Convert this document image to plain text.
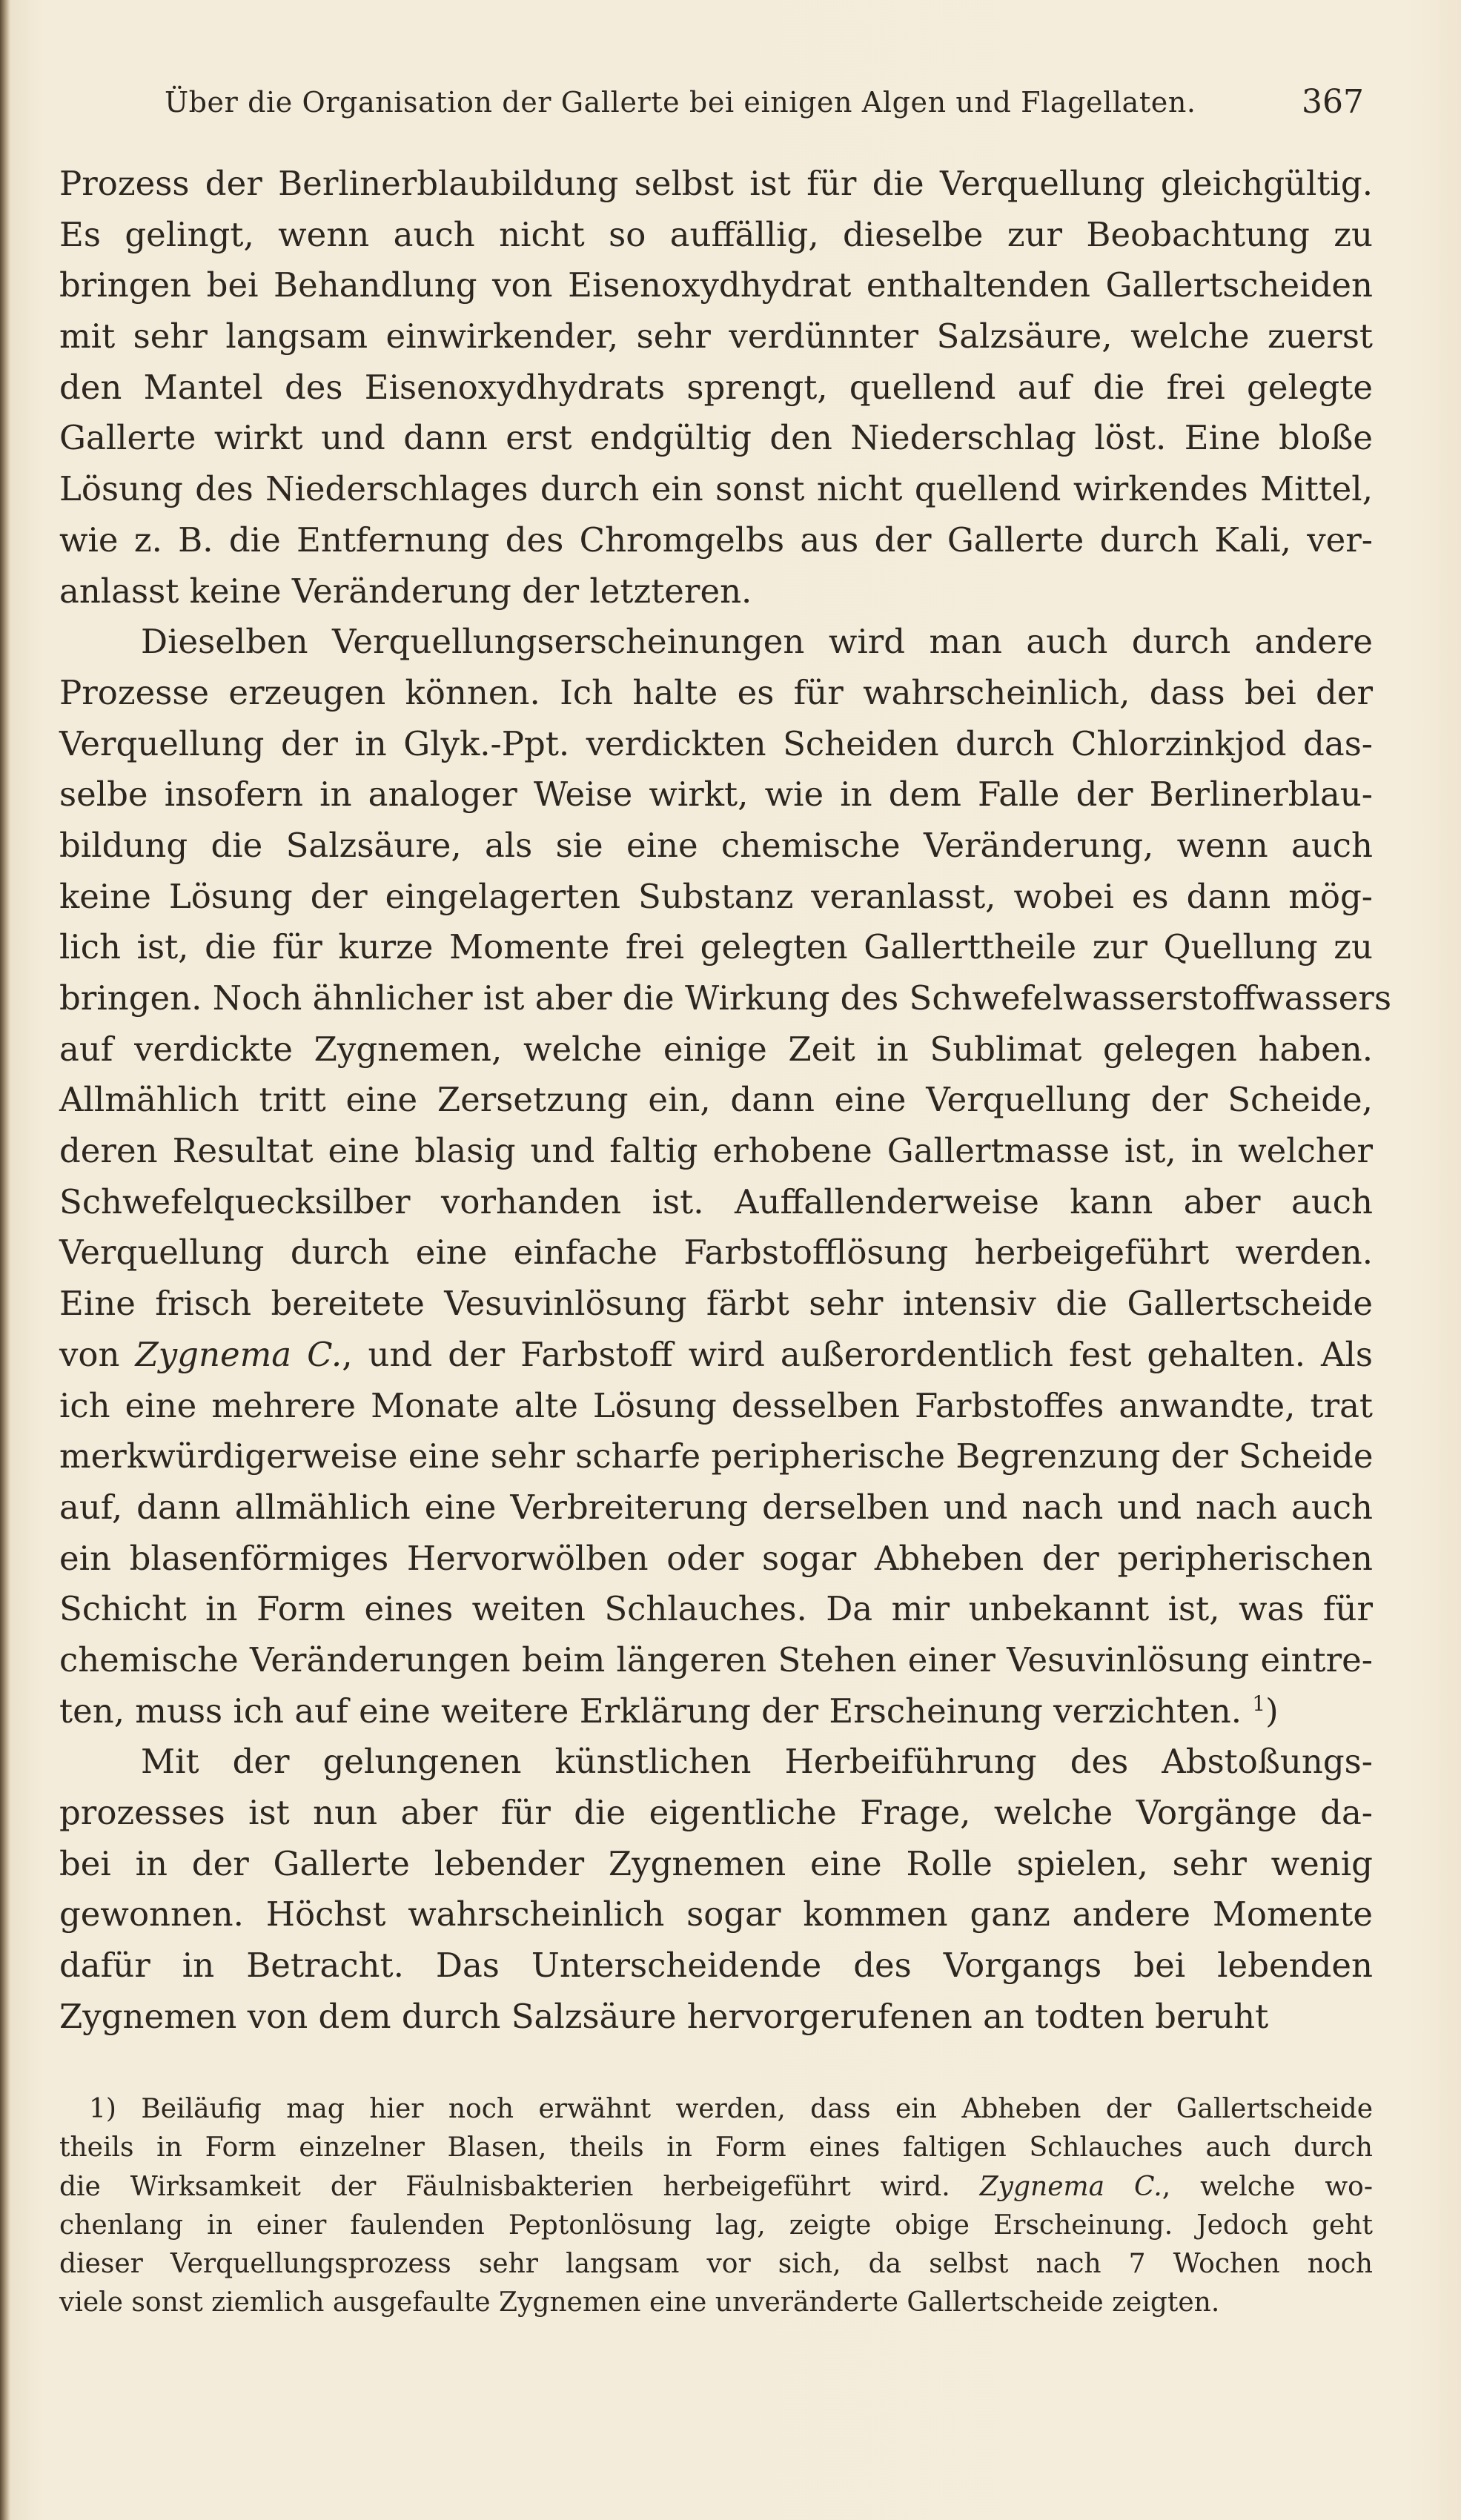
Über die Organisation der Gallerte bei einigen Algen und Flagellaten.	367
Prozess der Berlinerblaubildung selbst ist für die Verquellung gleichgültig.
Es gelingt, wenn auch nicht so auffällig, dieselbe zur Beobachtung zu
bringen bei Behandlung von Eisenoxydhydrat enthaltenden Gallertscheiden
mit sehr langsam einwirkender, sehr verdünnter Salzsäure, welche zuerst
den Mantel des Eisenoxydhydrats sprengt, quellend auf die frei gelegte
Gallerte wirkt und dann erst endgültig den Niederschlag löst. Eine bloße
Lösung des Niederschlages durch ein sonst nicht quellend wirkendes Mittel,
wie z. B. die Entfernung des Chromgelbs aus der Gallerte durch Kali, ver-
anlasst keine Veränderung der letzteren.
Dieselben Verquellungserscheinungen wird man auch durch andere
Prozesse erzeugen können. Ich halte es für wahrscheinlich, dass bei der
Verquellung der in Glyk.-Ppt. verdickten Scheiden durch Chlorzinkjod das-
selbe insofern in analoger Weise wirkt, wie in dem Falle der Berlinerblau-
bildung die Salzsäure, als sie eine chemische Veränderung, wenn auch
keine Lösung der eingelagerten Substanz veranlasst, wobei es dann mög-
lich ist, die für kurze Momente frei gelegten Gallerttheile zur Quellung zu
bringen. Noch ähnlicher ist aber die Wirkung des Schwefelwasserstoffwassers
auf verdickte Zygnemen, welche einige Zeit in Sublimat gelegen haben.
Allmählich tritt eine Zersetzung ein, dann eine Verquellung der Scheide,
deren Resultat eine blasig und faltig erhobene Gallertmasse ist, in welcher
Schwefelquecksilber vorhanden ist. Auffallenderweise kann aber auch
Verquellung durch eine einfache Farbstofflösung herbeigeführt werden.
Eine frisch bereitete Vesuvinlösung färbt sehr intensiv die Gallertscheide
von Zygnema C., und der Farbstoff wird außerordentlich fest gehalten. Als
ich eine mehrere Monate alte Lösung desselben Farbstoffes anwandte, trat
merkwürdigerweise eine sehr scharfe peripherische Begrenzung der Scheide
auf, dann allmählich eine Verbreiterung derselben und nach und nach auch
ein blasenförmiges Hervorwölben oder sogar Abheben der peripherischen
Schicht in Form eines weiten Schlauches. Da mir unbekannt ist, was für
chemische Veränderungen beim längeren Stehen einer Vesuvinlösung eintre-
ten, muss ich auf eine weitere Erklärung der Erscheinung verzichten. $^1$)
Mit der gelungenen künstlichen Herbeiführung des Abstoßungs-
prozesses ist nun aber für die eigentliche Frage, welche Vorgänge da-
bei in der Gallerte lebender Zygnemen eine Rolle spielen, sehr wenig
gewonnen. Höchst wahrscheinlich sogar kommen ganz andere Momente
dafür in Betracht. Das Unterscheidende des Vorgangs bei lebenden
Zygnemen von dem durch Salzsäure hervorgerufenen an todten beruht
1) Beiläufig mag hier noch erwähnt werden, dass ein Abheben der Gallertscheide
theils in Form einzelner Blasen, theils in Form eines faltigen Schlauches auch durch
die Wirksamkeit der Fäulnisbakterien herbeigeführt wird. Zygnema C., welche wo-
chenlang in einer faulenden Peptonlösung lag, zeigte obige Erscheinung. Jedoch geht
dieser Verquellungsprozess sehr langsam vor sich, da selbst nach 7 Wochen noch
viele sonst ziemlich ausgefaulte Zygnemen eine unveränderte Gallertscheide zeigten.
